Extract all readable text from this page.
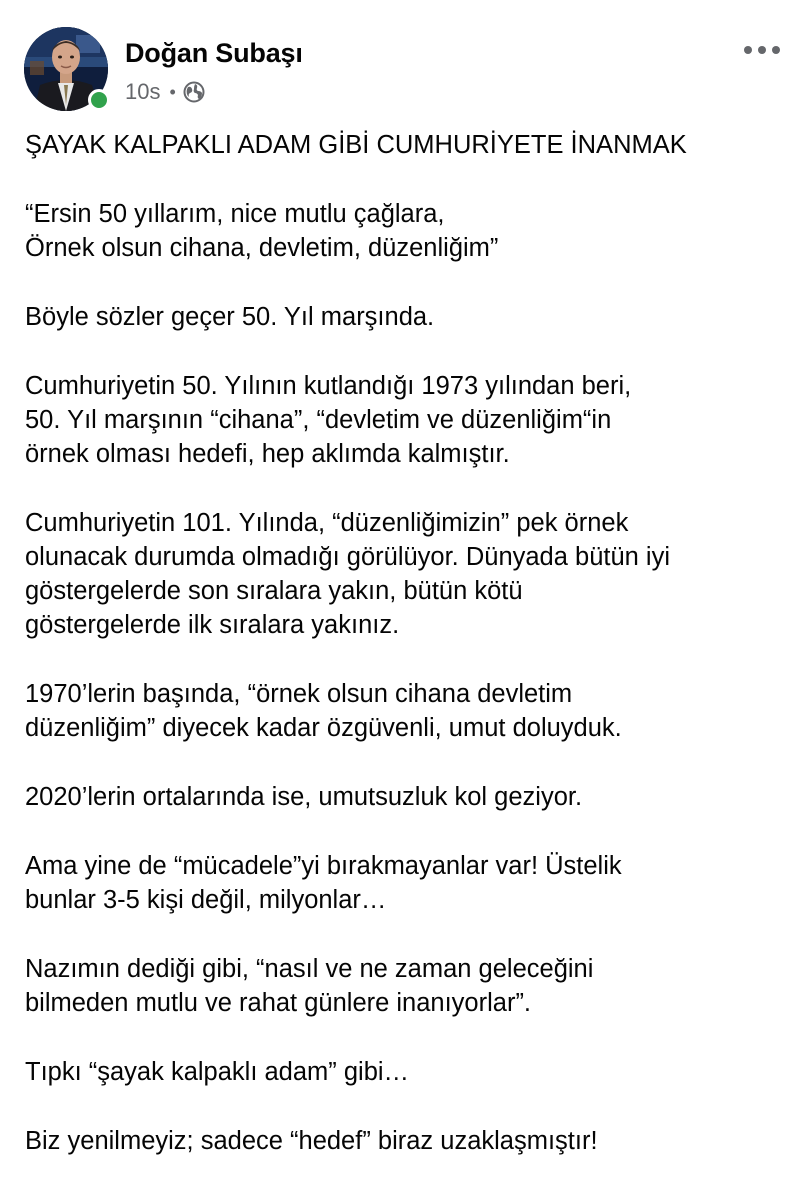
Doğan Subaşı
10s •

ŞAYAK KALPAKLI ADAM GİBİ CUMHURİYETE İNANMAK

“Ersin 50 yıllarım, nice mutlu çağlara,
Örnek olsun cihana, devletim, düzenliğim”

Böyle sözler geçer 50. Yıl marşında.

Cumhuriyetin 50. Yılının kutlandığı 1973 yılından beri,
50. Yıl marşının “cihana”, “devletim ve düzenliğim“in
örnek olması hedefi, hep aklımda kalmıştır.

Cumhuriyetin 101. Yılında, “düzenliğimizin” pek örnek
olunacak durumda olmadığı görülüyor. Dünyada bütün iyi
göstergelerde son sıralara yakın, bütün kötü
göstergelerde ilk sıralara yakınız.

1970’lerin başında, “örnek olsun cihana devletim
düzenliğim” diyecek kadar özgüvenli, umut doluyduk.

2020’lerin ortalarında ise, umutsuzluk kol geziyor.

Ama yine de “mücadele”yi bırakmayanlar var! Üstelik
bunlar 3-5 kişi değil, milyonlar…

Nazımın dediği gibi, “nasıl ve ne zaman geleceğini
bilmeden mutlu ve rahat günlere inanıyorlar”.

Tıpkı “şayak kalpaklı adam” gibi…

Biz yenilmeyiz; sadece “hedef” biraz uzaklaşmıştır!
